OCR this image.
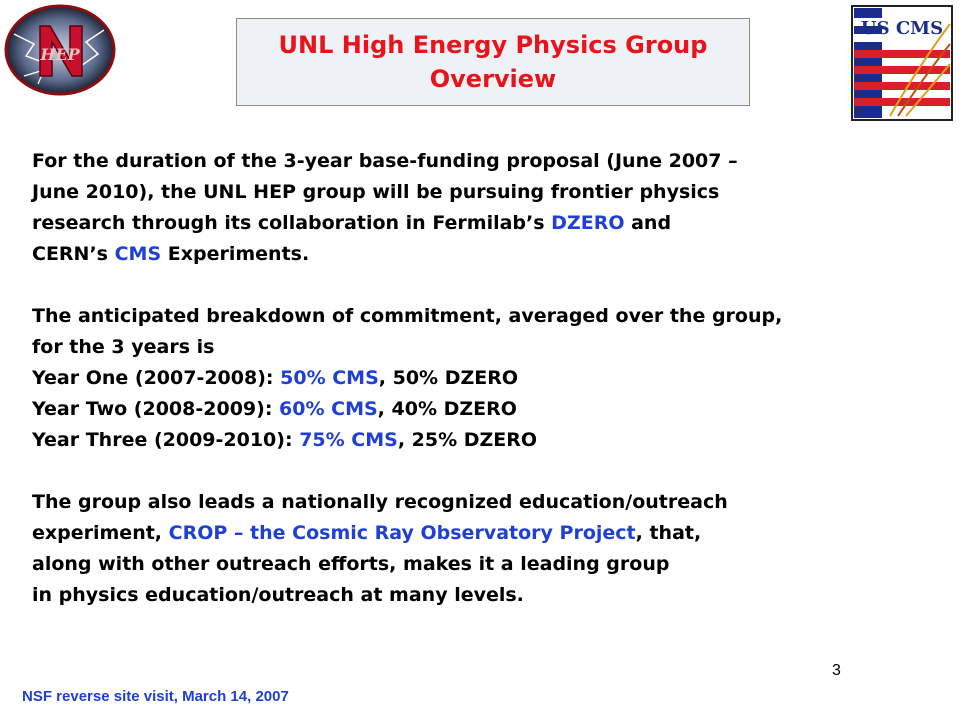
HEP
US CMS
UNL High Energy Physics Group
Overview

For the duration of the 3-year base-funding proposal (June 2007 –

June 2010), the UNL HEP group will be pursuing frontier physics

research through its collaboration in Fermilab’s DZERO and

CERN’s CMS Experiments.

The anticipated breakdown of commitment, averaged over the group,

for the 3 years is

Year One (2007-2008): 50% CMS, 50% DZERO

Year Two (2008-2009): 60% CMS, 40% DZERO

Year Three (2009-2010): 75% CMS, 25% DZERO

The group also leads a nationally recognized education/outreach

experiment, CROP – the Cosmic Ray Observatory Project, that,

along with other outreach efforts, makes it a leading group

in physics education/outreach at many levels.

3
NSF reverse site visit, March 14, 2007
